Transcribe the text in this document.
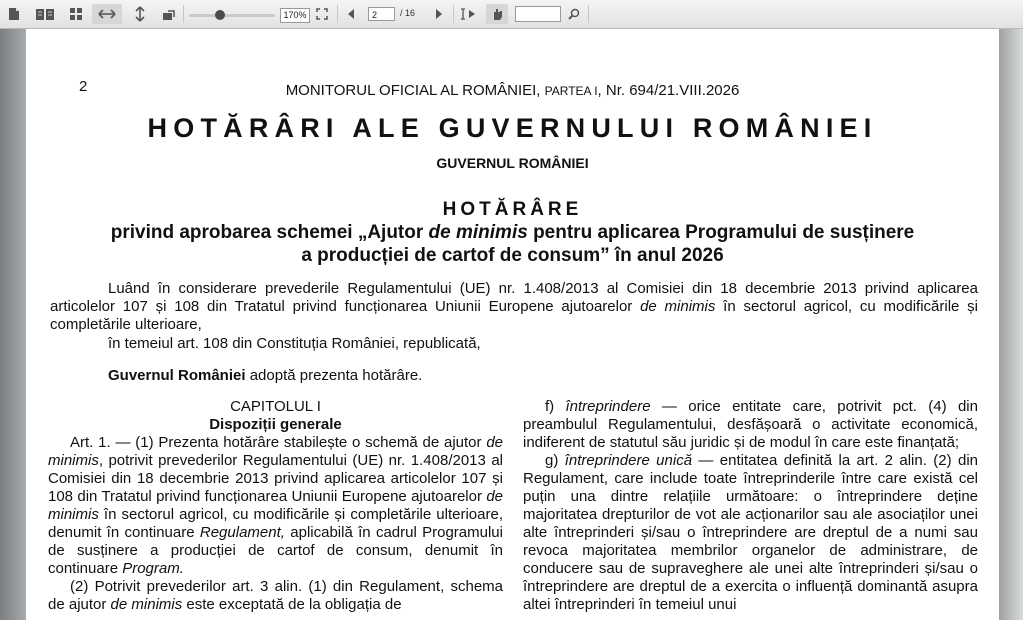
170%	2	/ 16
2	MONITORUL OFICIAL AL ROMÂNIEI, PARTEA I, Nr. 694/21.VIII.2026
HOTĂRÂRI ALE GUVERNULUI ROMÂNIEI
GUVERNUL ROMÂNIEI
HOTĂRÂRE
privind aprobarea schemei „Ajutor de minimis pentru aplicarea Programului de susținere
a producției de cartof de consum” în anul 2026
Luând în considerare prevederile Regulamentului (UE) nr. 1.408/2013 al Comisiei din 18 decembrie 2013 privind aplicarea articolelor 107 și 108 din Tratatul privind funcționarea Uniunii Europene ajutoarelor de minimis în sectorul agricol, cu modificările și completările ulterioare,
în temeiul art. 108 din Constituția României, republicată,
Guvernul României adoptă prezenta hotărâre.

CAPITOLUL I

Dispoziții generale

Art. 1. — (1) Prezenta hotărâre stabilește o schemă de ajutor de minimis, potrivit prevederilor Regulamentului (UE) nr. 1.408/2013 al Comisiei din 18 decembrie 2013 privind aplicarea articolelor 107 și 108 din Tratatul privind funcționarea Uniunii Europene ajutoarelor de minimis în sectorul agricol, cu modificările și completările ulterioare, denumit în continuare Regulament, aplicabilă în cadrul Programului de susținere a producției de cartof de consum, denumit în continuare Program.

(2) Potrivit prevederilor art. 3 alin. (1) din Regulament, schema de ajutor de minimis este exceptată de la obligația de

f) întreprindere — orice entitate care, potrivit pct. (4) din preambulul Regulamentului, desfășoară o activitate economică, indiferent de statutul său juridic și de modul în care este finanțată;

g) întreprindere unică — entitatea definită la art. 2 alin. (2) din Regulament, care include toate întreprinderile între care există cel puțin una dintre relațiile următoare: o întreprindere deține majoritatea drepturilor de vot ale acționarilor sau ale asociaților unei alte întreprinderi și/sau o întreprindere are dreptul de a numi sau revoca majoritatea membrilor organelor de administrare, de conducere sau de supraveghere ale unei alte întreprinderi și/sau o întreprindere are dreptul de a exercita o influență dominantă asupra altei întreprinderi în temeiul unui
